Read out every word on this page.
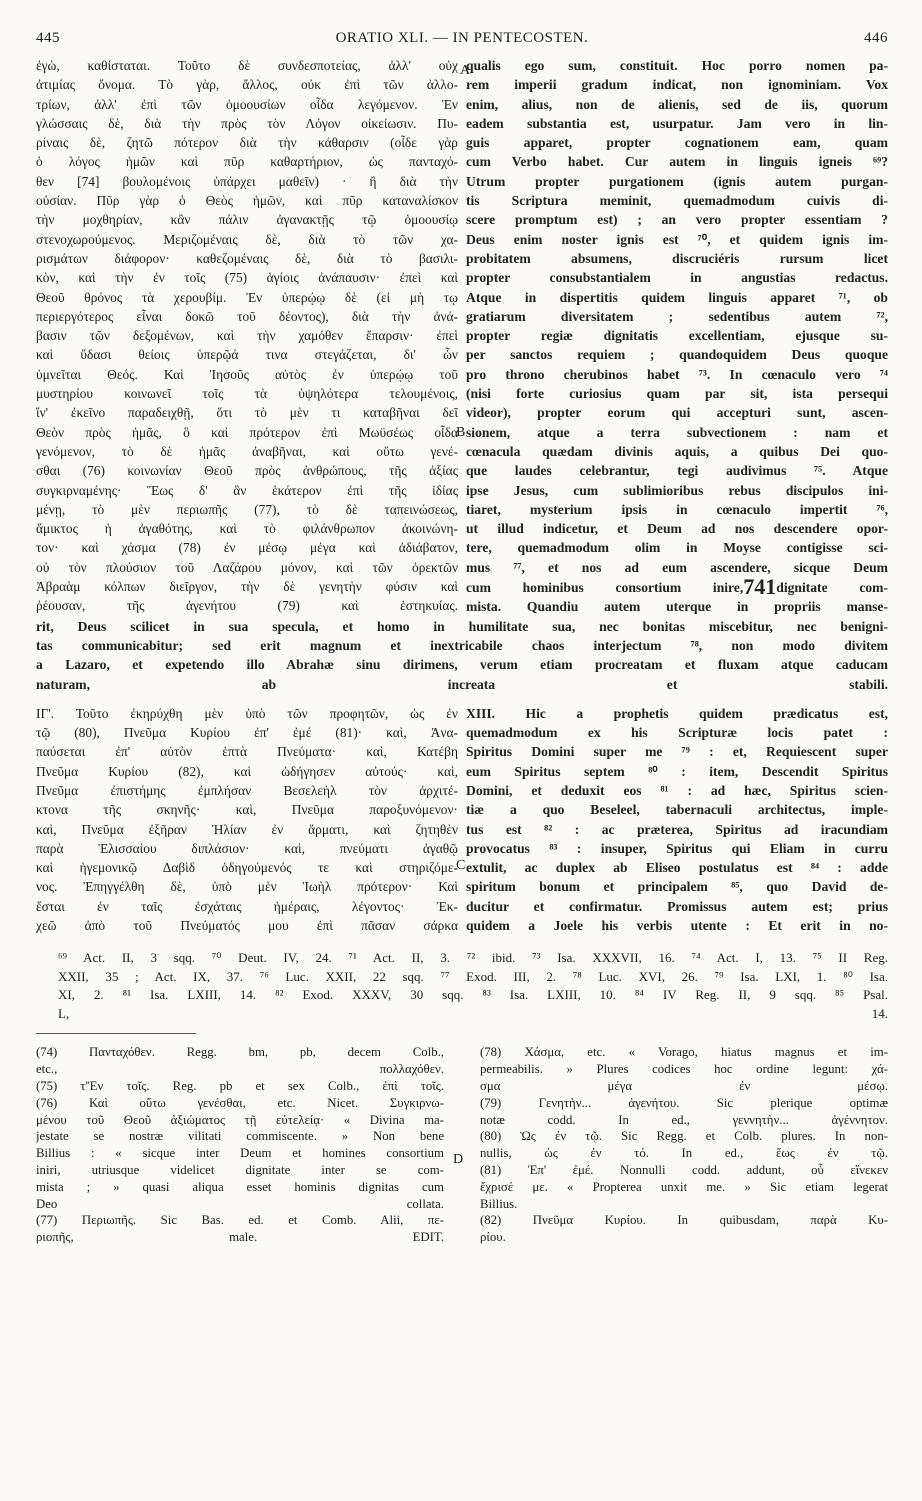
445	ORATIO XLI. — IN PENTECOSTEN.	446
ἐγὼ, καθίσταται. Τοῦτο δὲ συνδεσποτείας, ἀλλ' οὐχ
ἀτιμίας ὄνομα. Τὸ γὰρ, ἄλλος, οὐκ ἐπὶ τῶν ἀλλο-
τρίων, ἀλλ' ἐπὶ τῶν ὁμοουσίων οἶδα λεγόμενον. Ἐν
γλώσσαις δὲ, διὰ τὴν πρὸς τὸν Λόγον οἰκείωσιν. Πυ-
ρίναις δὲ, ζητῶ πότερον διὰ τὴν κάθαρσιν (οἶδε γὰρ
ὁ λόγος ἡμῶν καὶ πῦρ καθαρτήριον, ὡς πανταχό-
θεν [74] βουλομένοις ὑπάρχει μαθεῖν) · ἢ διὰ τὴν
οὐσίαν. Πῦρ γὰρ ὁ Θεὸς ἡμῶν, καὶ πῦρ καταναλίσκον
τὴν μοχθηρίαν, κἂν πάλιν ἀγανακτῇς τῷ ὁμοουσίῳ
στενοχωρούμενος. Μεριζομέναις δὲ, διὰ τὸ τῶν χα-
ρισμάτων διάφορον· καθεζομέναις δὲ, διὰ τὸ βασιλι-
κὸν, καὶ τὴν ἐν τοῖς (75) ἁγίοις ἀνάπαυσιν· ἐπεὶ καὶ
Θεοῦ θρόνος τὰ χερουβίμ. Ἐν ὑπερῴῳ δὲ (εἰ μὴ τῳ
περιεργότερος εἶναι δοκῶ τοῦ δέοντος), διὰ τὴν ἀνά-
βασιν τῶν δεξομένων, καὶ τὴν χαμόθεν ἔπαρσιν· ἐπεὶ
καὶ ὕδασι θείοις ὑπερῷά τινα στεγάζεται, δι' ὧν
ὑμνεῖται Θεός. Καὶ Ἰησοῦς αὐτὸς ἐν ὑπερῴῳ τοῦ
μυστηρίου κοινωνεῖ τοῖς τὰ ὑψηλότερα τελουμένοις,
ἵν' ἐκεῖνο παραδειχθῇ, ὅτι τὸ μὲν τι καταβῆναι δεῖ
Θεὸν πρὸς ἡμᾶς, ὃ καὶ πρότερον ἐπὶ Μωϋσέως οἶδα
γενόμενον, τὸ δὲ ἡμᾶς ἀναβῆναι, καὶ οὕτω γενέ-
σθαι (76) κοινωνίαν Θεοῦ πρὸς ἀνθρώπους, τῆς ἀξίας
συγκιρναμένης· Ἕως δ' ἂν ἑκάτερον ἐπὶ τῆς ἰδίας
μένῃ, τὸ μὲν περιωπῆς (77), τὸ δὲ ταπεινώσεως,
ἄμικτος ἡ ἀγαθότης, καὶ τὸ φιλάνθρωπον ἀκοινώνη-
τον· καὶ χάσμα (78) ἐν μέσῳ μέγα καὶ ἀδιάβατον,
οὐ τὸν πλούσιον τοῦ Λαζάρου μόνον, καὶ τῶν ὀρεκτῶν
Ἀβραὰμ κόλπων διεῖργον, τὴν δὲ γενητὴν φύσιν καὶ
ῥέουσαν, τῆς ἀγενήτου (79) καὶ ἑστηκυίας.
qualis ego sum, constituit. Hoc porro nomen pa-
rem imperii gradum indicat, non ignominiam. Vox
enim, alius, non de alienis, sed de iis, quorum
eadem substantia est, usurpatur. Jam vero in lin-
guis apparet, propter cognationem eam, quam
cum Verbo habet. Cur autem in linguis igneis ⁶⁹?
Utrum propter purgationem (ignis autem purgan-
tis Scriptura meminit, quemadmodum cuivis di-
scere promptum est) ; an vero propter essentiam ?
Deus enim noster ignis est ⁷⁰, et quidem ignis im-
probitatem absumens, discruciéris rursum licet
propter consubstantialem in angustias redactus.
Atque in dispertitis quidem linguis apparet ⁷¹, ob
gratiarum diversitatem ; sedentibus autem ⁷²,
propter regiæ dignitatis excellentiam, ejusque su-
per sanctos requiem ; quandoquidem Deus quoque
pro throno cherubinos habet ⁷³. In cœnaculo vero ⁷⁴
(nisi forte curiosius quam par sit, ista persequi
videor), propter eorum qui accepturi sunt, ascen-
sionem, atque a terra subvectionem : nam et
cœnacula quædam divinis aquis, a quibus Dei quo-
que laudes celebrantur, tegi audivimus ⁷⁵. Atque
ipse Jesus, cum sublimioribus rebus discipulos ini-
tiaret, mysterium ipsis in cœnaculo impertit ⁷⁶,
ut illud indicetur, et Deum ad nos descendere opor-
tere, quemadmodum olim in Moyse contigisse sci-
mus ⁷⁷, et nos ad eum ascendere, sicque Deum
cum hominibus consortium inire,741dignitate com-
mista. Quandiu autem uterque in propriis manse-
rit, Deus scilicet in sua specula, et homo in humilitate sua, nec bonitas miscebitur, nec benigni-
tas communicabitur; sed erit magnum et inextricabile chaos interjectum ⁷⁸, non modo divitem
a Lazaro, et expetendo illo Abrahæ sinu dirimens, verum etiam procreatam et fluxam atque caducam
naturam, ab increata et stabili.
ΙΓ'. Τοῦτο ἐκηρύχθη μὲν ὑπὸ τῶν προφητῶν, ὡς ἐν
τῷ (80), Πνεῦμα Κυρίου ἐπ' ἐμέ (81)· καὶ, Ἀνα-
παύσεται ἐπ' αὐτὸν ἑπτὰ Πνεύματα· καὶ, Κατέβη
Πνεῦμα Κυρίου (82), καὶ ὡδήγησεν αὐτούς· καὶ,
Πνεῦμα ἐπιστήμης ἐμπλήσαν Βεσελεὴλ τὸν ἀρχιτέ-
κτονα τῆς σκηνῆς· καὶ, Πνεῦμα παροξυνόμενον·
καὶ, Πνεῦμα ἐξῆραν Ἠλίαν ἐν ἅρματι, καὶ ζητηθὲν
παρὰ Ἐλισσαίου διπλάσιον· καὶ, πνεύματι ἀγαθῷ
καὶ ἡγεμονικῷ Δαβὶδ ὁδηγούμενός τε καὶ στηριζόμε-
νος. Ἐπηγγέλθη δὲ, ὑπὸ μὲν Ἰωὴλ πρότερον· Καὶ
ἔσται ἐν ταῖς ἐσχάταις ἡμέραις, λέγοντος· Ἐκ-
χεῶ ἀπὸ τοῦ Πνεύματός μου ἐπὶ πᾶσαν σάρκα
XIII. Hic a prophetis quidem prædicatus est,
quemadmodum ex his Scripturæ locis patet :
Spiritus Domini super me ⁷⁹ : et, Requiescent super
eum Spiritus septem ⁸⁰ : item, Descendit Spiritus
Domini, et deduxit eos ⁸¹ : ad hæc, Spiritus scien-
tiæ a quo Beseleel, tabernaculi architectus, imple-
tus est ⁸² : ac præterea, Spiritus ad iracundiam
provocatus ⁸³ : insuper, Spiritus qui Eliam in curru
extulit, ac duplex ab Eliseo postulatus est ⁸⁴ : adde
spiritum bonum et principalem ⁸⁵, quo David de-
ducitur et confirmatur. Promissus autem est; prius
quidem a Joele his verbis utente : Et erit in no-
⁶⁹ Act. II, 3 sqq. ⁷⁰ Deut. IV, 24. ⁷¹ Act. II, 3. ⁷² ibid. ⁷³ Isa. XXXVII, 16. ⁷⁴ Act. I, 13. ⁷⁵ II Reg.
XXII, 35 ; Act. IX, 37. ⁷⁶ Luc. XXII, 22 sqq. ⁷⁷ Exod. III, 2. ⁷⁸ Luc. XVI, 26. ⁷⁹ Isa. LXI, 1. ⁸⁰ Isa.
XI, 2. ⁸¹ Isa. LXIII, 14. ⁸² Exod. XXXV, 30 sqq. ⁸³ Isa. LXIII, 10. ⁸⁴ IV Reg. II, 9 sqq. ⁸⁵ Psal.
L, 14.
(74) Πανταχόθεν. Regg. bm, pb, decem Colb.,
etc., πολλαχόθεν.
(75) τ'Ἐν τοῖς. Reg. pb et sex Colb., ἐπὶ τοῖς.
(76) Καὶ οὕτω γενέσθαι, etc. Nicet. Συγκιρνω-
μένου τοῦ Θεοῦ ἀξιώματος τῇ εὐτελείᾳ· « Divina ma-
jestate se nostræ vilitati commiscente. » Non bene
Billius : « sicque inter Deum et homines consortium
iniri, utriusque videlicet dignitate inter se com-
mista ; » quasi aliqua esset hominis dignitas cum
Deo collata.
(77) Περιωπῆς. Sic Bas. ed. et Comb. Alii, πε-
ριοπῆς, male. EDIT.
(78) Χάσμα, etc. « Vorago, hiatus magnus et im-
permeabilis. » Plures codices hoc ordine legunt: χά-
σμα μέγα ἐν μέσῳ.
(79) Γενητὴν... ἀγενήτου. Sic plerique optimæ
notæ codd. In ed., γεννητὴν... ἀγέννητον.
(80) Ὡς ἐν τῷ. Sic Regg. et Colb. plures. In non-
nullis, ὡς ἐν τό. In ed., ἕως ἐν τῷ.
(81) Ἐπ' ἐμέ. Nonnulli codd. addunt, οὗ εἵνεκεν
ἔχρισέ με. « Propterea unxit me. » Sic etiam legerat
Billius.
(82) Πνεῦμα Κυρίου. In quibusdam, παρὰ Κυ-
ρίου.
A
B
C
D
